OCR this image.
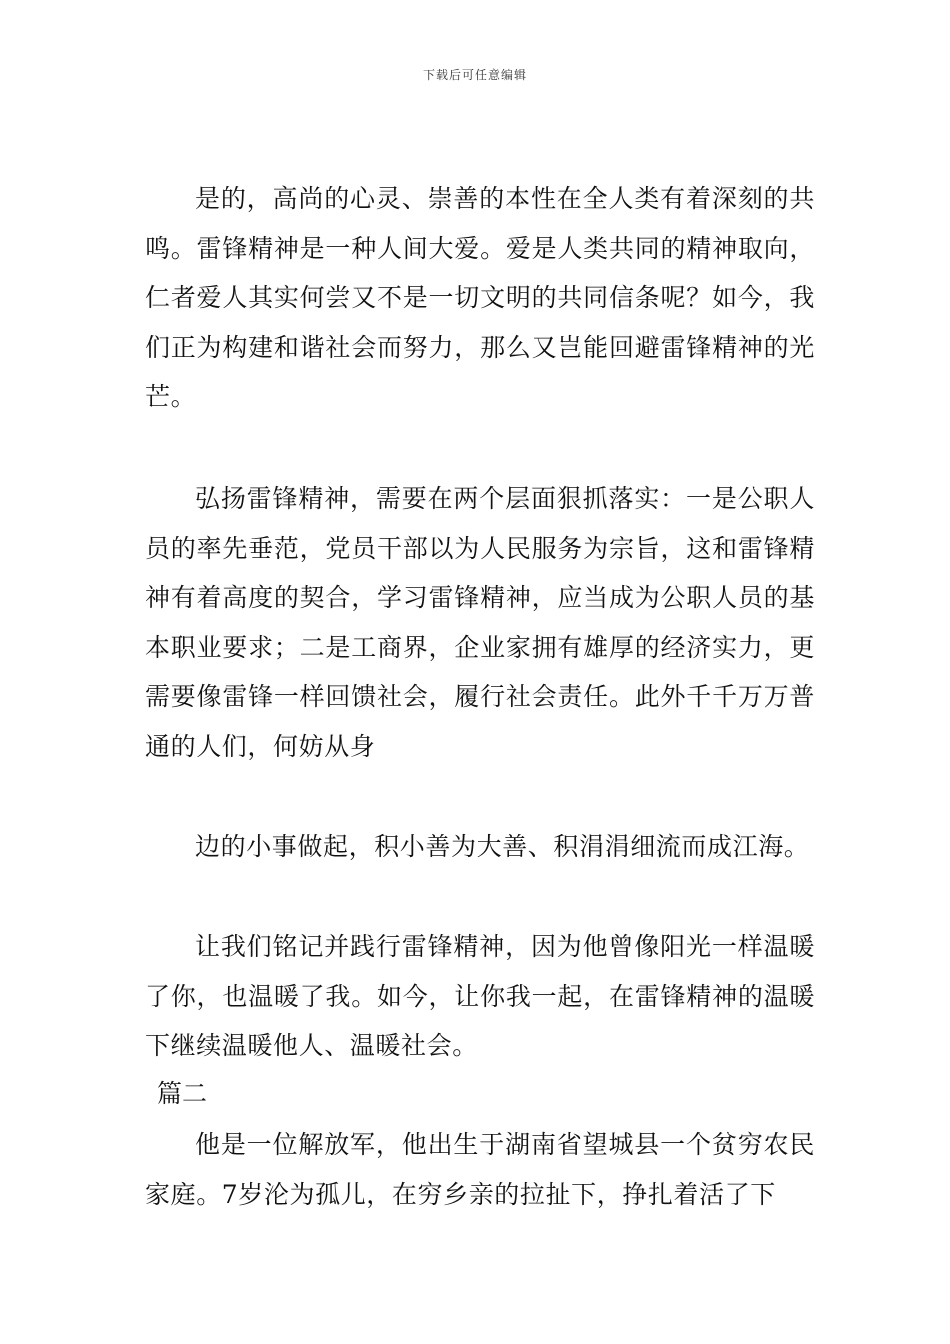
下载后可任意编辑

是的，高尚的心灵、崇善的本性在全人类有着深刻的共鸣。雷锋精神是一种人间大爱。爱是人类共同的精神取向，仁者爱人其实何尝又不是一切文明的共同信条呢？如今，我们正为构建和谐社会而努力，那么又岂能回避雷锋精神的光芒。

弘扬雷锋精神，需要在两个层面狠抓落实：一是公职人员的率先垂范，党员干部以为人民服务为宗旨，这和雷锋精神有着高度的契合，学习雷锋精神，应当成为公职人员的基本职业要求；二是工商界，企业家拥有雄厚的经济实力，更需要像雷锋一样回馈社会，履行社会责任。此外千千万万普通的人们，何妨从身

边的小事做起，积小善为大善、积涓涓细流而成江海。

让我们铭记并践行雷锋精神，因为他曾像阳光一样温暖了你，也温暖了我。如今，让你我一起，在雷锋精神的温暖下继续温暖他人、温暖社会。

篇二

他是一位解放军，他出生于湖南省望城县一个贫穷农民家庭。7岁沦为孤儿，在穷乡亲的拉扯下，挣扎着活了下
